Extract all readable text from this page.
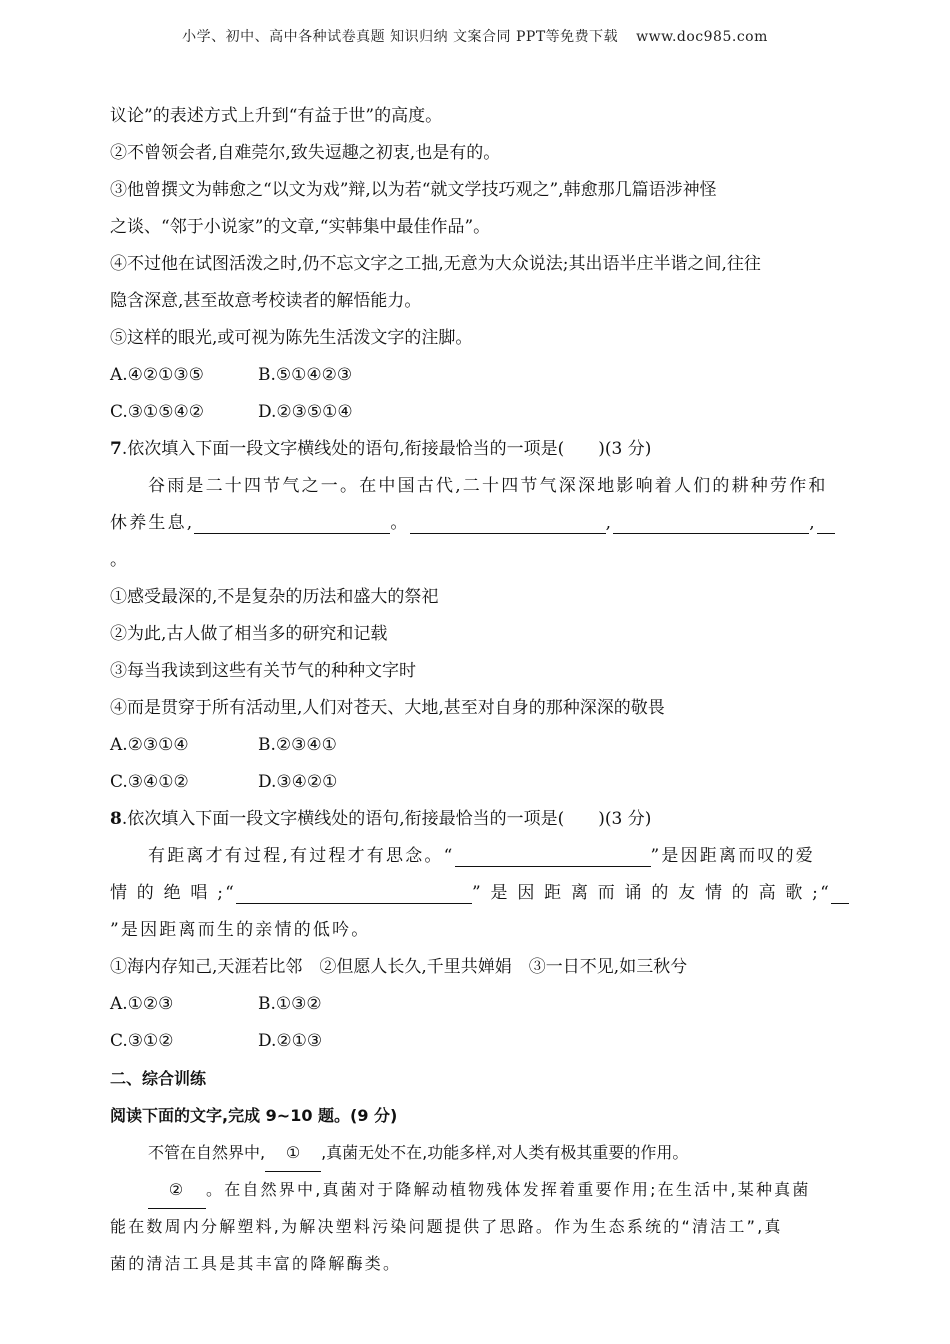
小学、初中、高中各种试卷真题 知识归纳 文案合同 PPT等免费下载 www.doc985.com
议论”的表述方式上升到“有益于世”的高度。
②不曾领会者,自难莞尔,致失逗趣之初衷,也是有的。
③他曾撰文为韩愈之“以文为戏”辩,以为若“就文学技巧观之”,韩愈那几篇语涉神怪
之谈、“邻于小说家”的文章,“实韩集中最佳作品”。
④不过他在试图活泼之时,仍不忘文字之工拙,无意为大众说法;其出语半庄半谐之间,往往
隐含深意,甚至故意考校读者的解悟能力。
⑤这样的眼光,或可视为陈先生活泼文字的注脚。
A.④②①③⑤	B.⑤①④②③
C.③①⑤④②	D.②③⑤①④
7.依次填入下面一段文字横线处的语句,衔接最恰当的一项是(　　)(3 分)
谷雨是二十四节气之一。在中国古代,二十四节气深深地影响着人们的耕种劳作和
休养生息,	。	,	,
。
①感受最深的,不是复杂的历法和盛大的祭祀
②为此,古人做了相当多的研究和记载
③每当我读到这些有关节气的种种文字时
④而是贯穿于所有活动里,人们对苍天、大地,甚至对自身的那种深深的敬畏
A.②③①④	B.②③④①
C.③④①②	D.③④②①
8.依次填入下面一段文字横线处的语句,衔接最恰当的一项是(　　)(3 分)
有距离才有过程,有过程才有思念。“	”是因距离而叹的爱
情 的 绝 唱 ;“	” 是 因 距 离 而 诵 的 友 情 的 高 歌 ;“
”是因距离而生的亲情的低吟。
①海内存知己,天涯若比邻　②但愿人长久,千里共婵娟　③一日不见,如三秋兮
A.①②③	B.①③②
C.③①②	D.②①③
二、综合训练
阅读下面的文字,完成 9~10 题。(9 分)
不管在自然界中, ① ,真菌无处不在,功能多样,对人类有极其重要的作用。
② 。在自然界中,真菌对于降解动植物残体发挥着重要作用;在生活中,某种真菌
能在数周内分解塑料,为解决塑料污染问题提供了思路。作为生态系统的“清洁工”,真
菌的清洁工具是其丰富的降解酶类。
